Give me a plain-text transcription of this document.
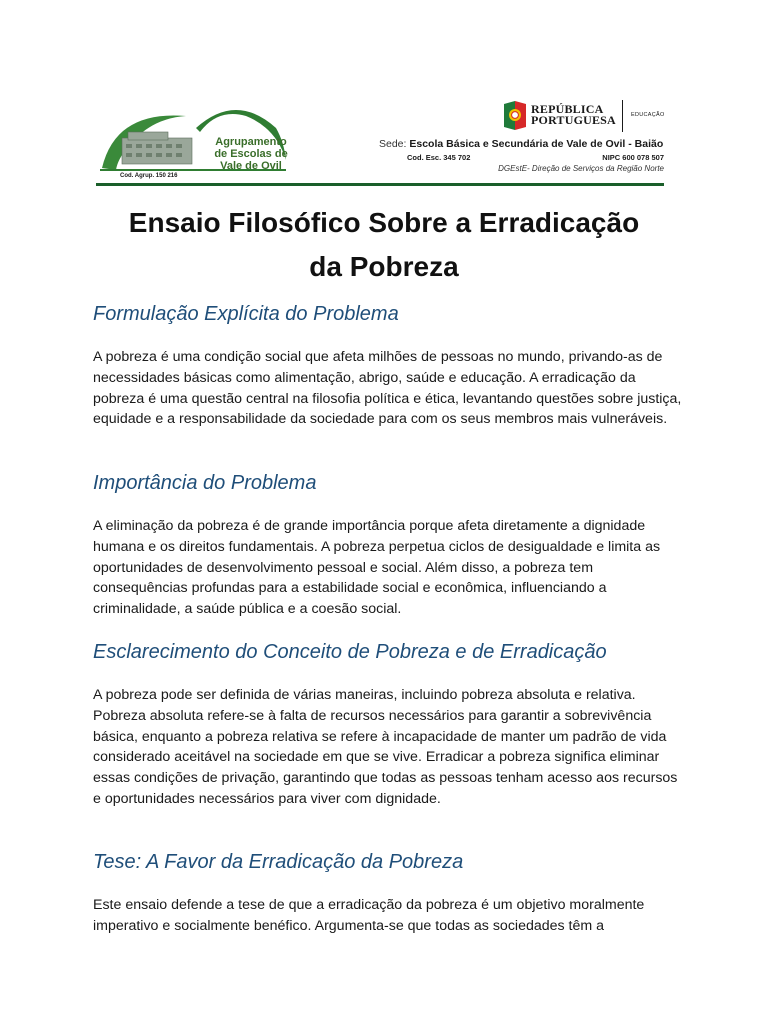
Agrupamento
de Escolas de
Vale de Ovil
Cod. Agrup. 150 216
REPÚBLICA
PORTUGUESA	EDUCAÇÃO
Sede: Escola Básica e Secundária de Vale de Ovil - Baião
Cod. Esc. 345 702	NIPC 600 078 507
DGEstE- Direção de Serviços da Região Norte
Ensaio Filosófico Sobre a Erradicação
da Pobreza
Formulação Explícita do Problema

A pobreza é uma condição social que afeta milhões de pessoas no mundo, privando-as de necessidades básicas como alimentação, abrigo, saúde e educação. A erradicação da pobreza é uma questão central na filosofia política e ética, levantando questões sobre justiça, equidade e a responsabilidade da sociedade para com os seus membros mais vulneráveis.

Importância do Problema

A eliminação da pobreza é de grande importância porque afeta diretamente a dignidade humana e os direitos fundamentais. A pobreza perpetua ciclos de desigualdade e limita as oportunidades de desenvolvimento pessoal e social. Além disso, a pobreza tem consequências profundas para a estabilidade social e econômica, influenciando a criminalidade, a saúde pública e a coesão social.

Esclarecimento do Conceito de Pobreza e de Erradicação

A pobreza pode ser definida de várias maneiras, incluindo pobreza absoluta e relativa. Pobreza absoluta refere-se à falta de recursos necessários para garantir a sobrevivência básica, enquanto a pobreza relativa se refere à incapacidade de manter um padrão de vida considerado aceitável na sociedade em que se vive. Erradicar a pobreza significa eliminar essas condições de privação, garantindo que todas as pessoas tenham acesso aos recursos e oportunidades necessários para viver com dignidade.

Tese: A Favor da Erradicação da Pobreza

Este ensaio defende a tese de que a erradicação da pobreza é um objetivo moralmente imperativo e socialmente benéfico. Argumenta-se que todas as sociedades têm a
